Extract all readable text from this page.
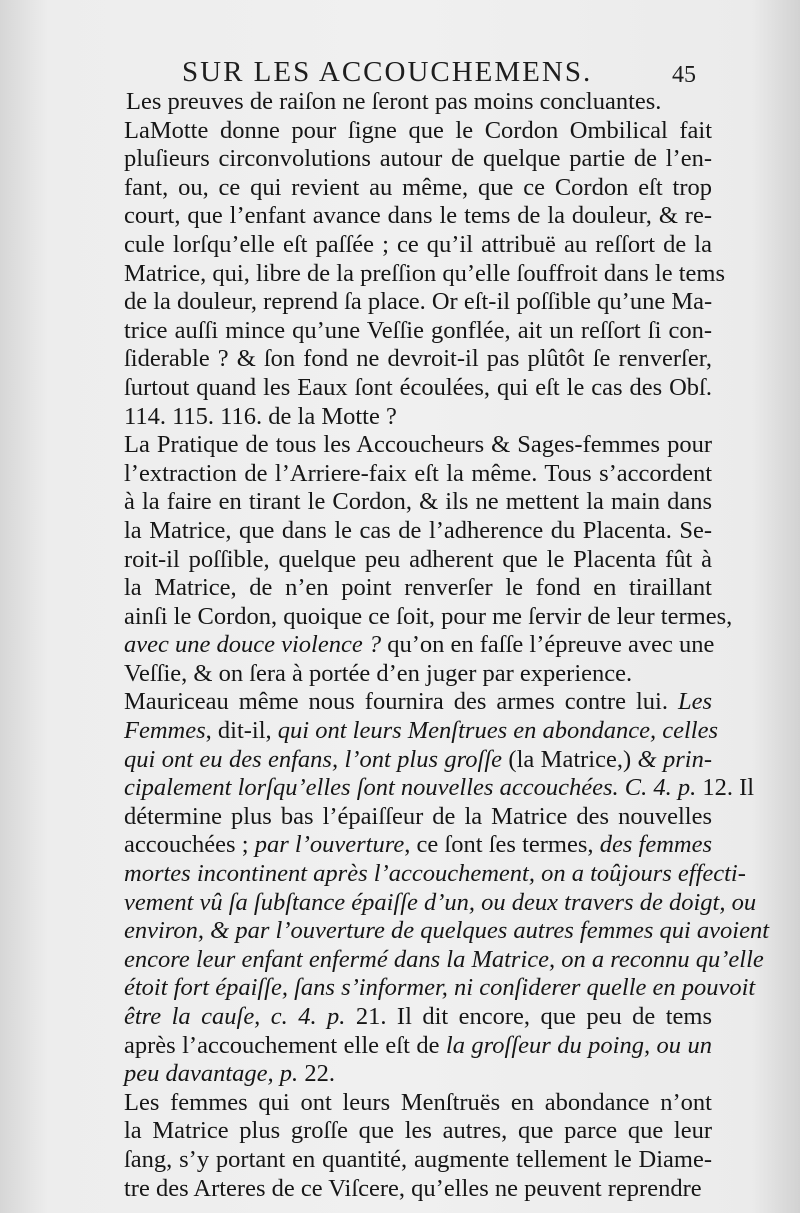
SUR LES ACCOUCHEMENS.	45

Les preuves de raiſon ne ſeront pas moins concluantes.

LaMotte donne pour ſigne que le Cordon Ombilical fait
pluſieurs circonvolutions autour de quelque partie de l’en-
fant, ou, ce qui revient au même, que ce Cordon eſt trop
court, que l’enfant avance dans le tems de la douleur, & re-
cule lorſqu’elle eſt paſſée ; ce qu’il attribuë au reſſort de la
Matrice, qui, libre de la preſſion qu’elle ſouffroit dans le tems
de la douleur, reprend ſa place. Or eſt-il poſſible qu’une Ma-
trice auſſi mince qu’une Veſſie gonflée, ait un reſſort ſi con-
ſiderable ? & ſon fond ne devroit-il pas plûtôt ſe renverſer,
ſurtout quand les Eaux ſont écoulées, qui eſt le cas des Obſ.
114. 115. 116. de la Motte ?

La Pratique de tous les Accoucheurs & Sages-femmes pour
l’extraction de l’Arriere-faix eſt la même. Tous s’accordent
à la faire en tirant le Cordon, & ils ne mettent la main dans
la Matrice, que dans le cas de l’adherence du Placenta. Se-
roit-il poſſible, quelque peu adherent que le Placenta fût à
la Matrice, de n’en point renverſer le fond en tiraillant
ainſi le Cordon, quoique ce ſoit, pour me ſervir de leur termes,
avec une douce violence ? qu’on en faſſe l’épreuve avec une
Veſſie, & on ſera à portée d’en juger par experience.

Mauriceau même nous fournira des armes contre lui. Les
Femmes, dit-il, qui ont leurs Menſtrues en abondance, celles
qui ont eu des enfans, l’ont plus groſſe (la Matrice,) & prin-
cipalement lorſqu’elles ſont nouvelles accouchées. C. 4. p. 12. Il
détermine plus bas l’épaiſſeur de la Matrice des nouvelles
accouchées ; par l’ouverture, ce ſont ſes termes, des femmes
mortes incontinent après l’accouchement, on a toûjours effecti-
vement vû ſa ſubſtance épaiſſe d’un, ou deux travers de doigt, ou
environ, & par l’ouverture de quelques autres femmes qui avoient
encore leur enfant enfermé dans la Matrice, on a reconnu qu’elle
étoit fort épaiſſe, ſans s’informer, ni conſiderer quelle en pouvoit
être la cauſe, c. 4. p. 21. Il dit encore, que peu de tems
après l’accouchement elle eſt de la groſſeur du poing, ou un
peu davantage, p. 22.

Les femmes qui ont leurs Menſtruës en abondance n’ont
la Matrice plus groſſe que les autres, que parce que leur
ſang, s’y portant en quantité, augmente tellement le Diame-
tre des Arteres de ce Viſcere, qu’elles ne peuvent reprendre
